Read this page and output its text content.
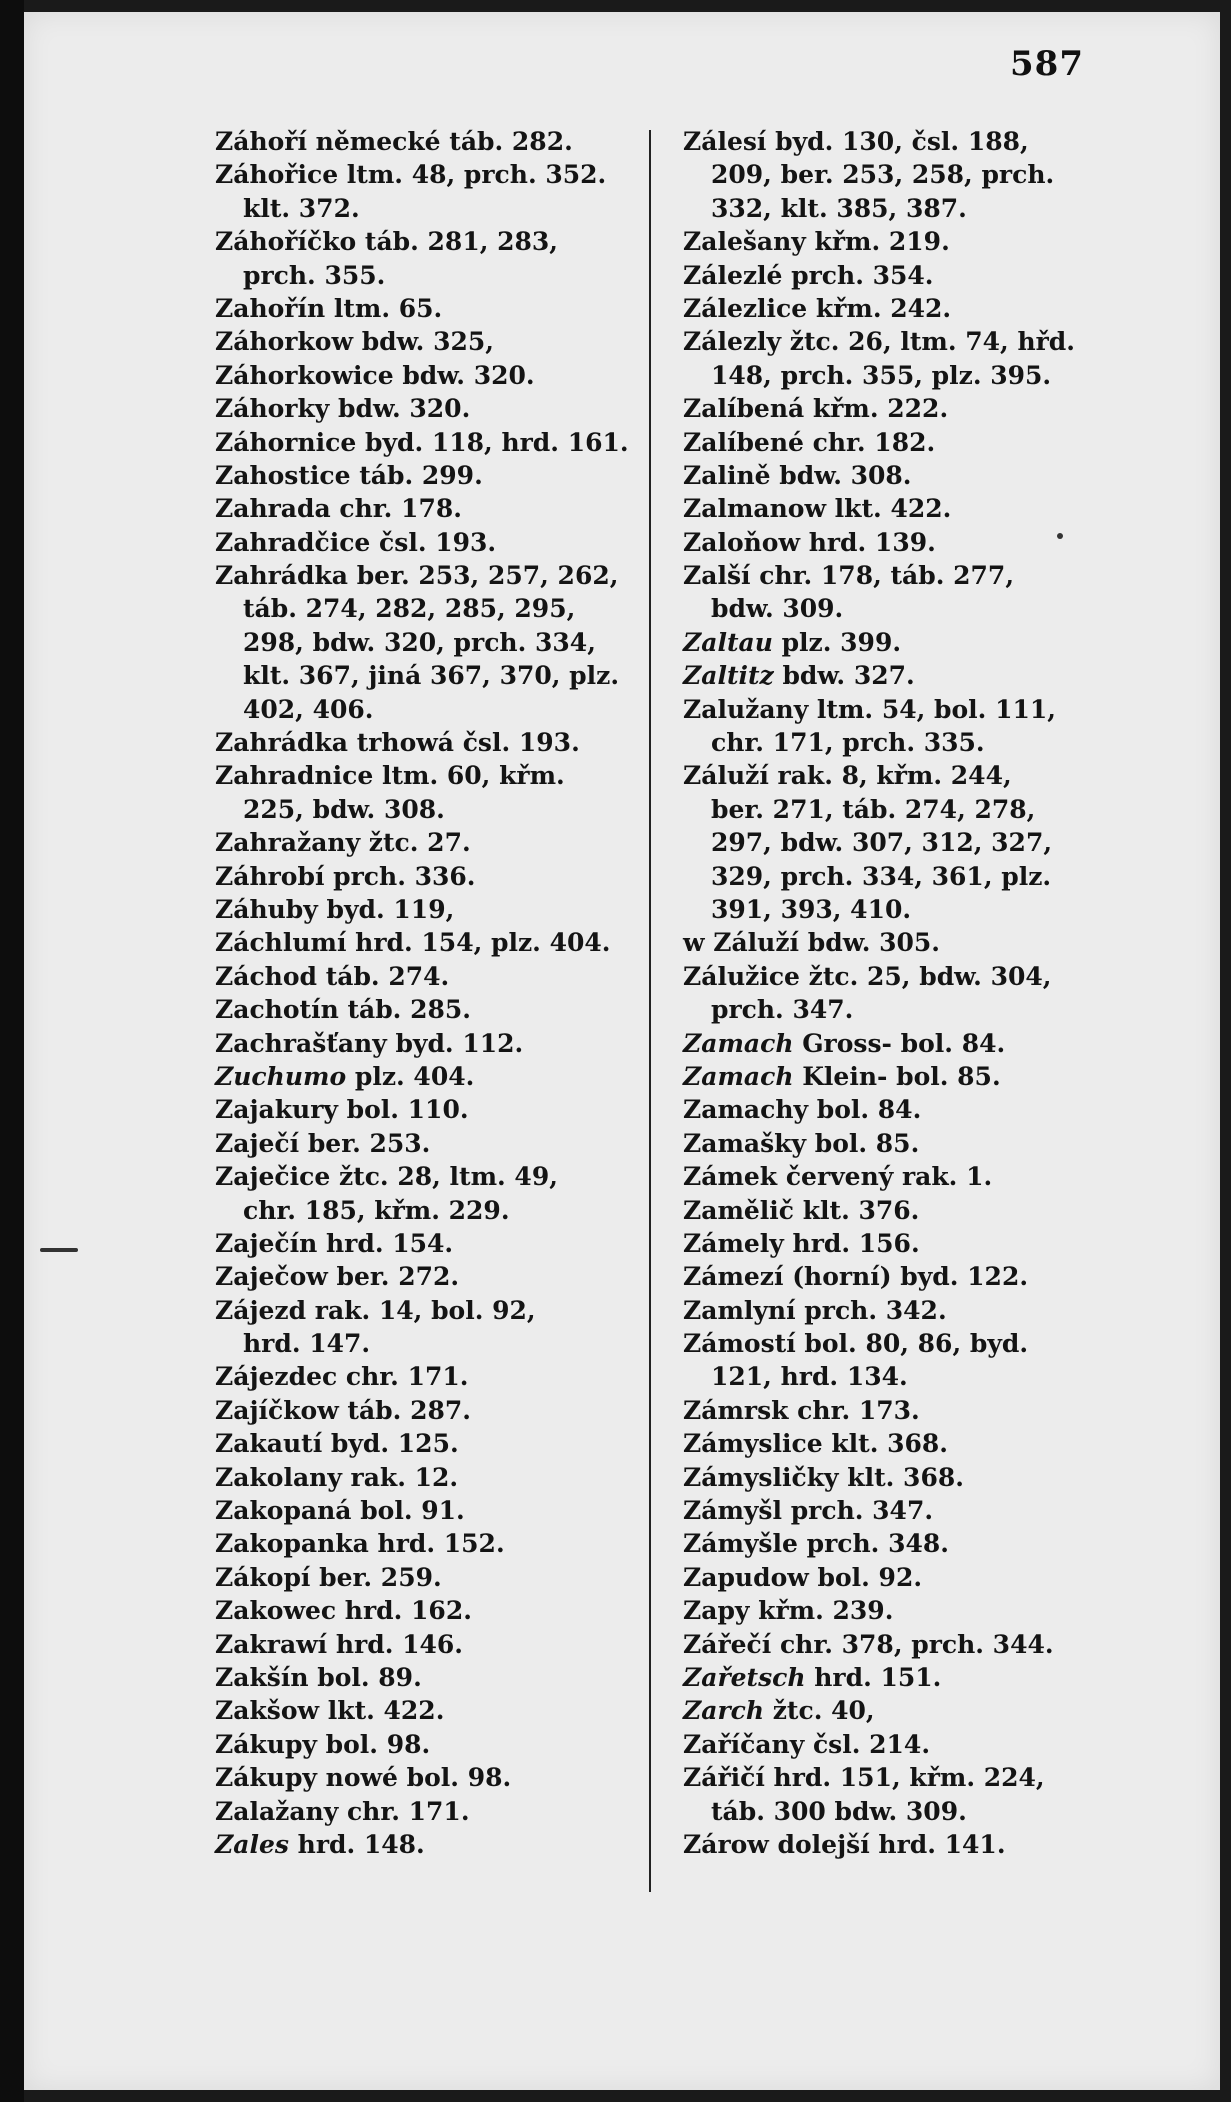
587
Záhoří německé táb. 282.
Záhořice ltm. 48, prch. 352.
klt. 372.
Záhoříčko táb. 281, 283,
prch. 355.
Zahořín ltm. 65.
Záhorkow bdw. 325,
Záhorkowice bdw. 320.
Záhorky bdw. 320.
Záhornice byd. 118, hrd. 161.
Zahostice táb. 299.
Zahrada chr. 178.
Zahradčice čsl. 193.
Zahrádka ber. 253, 257, 262,
táb. 274, 282, 285, 295,
298, bdw. 320, prch. 334,
klt. 367, jiná 367, 370, plz.
402, 406.
Zahrádka trhowá čsl. 193.
Zahradnice ltm. 60, křm.
225, bdw. 308.
Zahražany žtc. 27.
Záhrobí prch. 336.
Záhuby byd. 119,
Záchlumí hrd. 154, plz. 404.
Záchod táb. 274.
Zachotín táb. 285.
Zachrašťany byd. 112.
Zuchumo plz. 404.
Zajakury bol. 110.
Zaječí ber. 253.
Zaječice žtc. 28, ltm. 49,
chr. 185, křm. 229.
Zaječín hrd. 154.
Zaječow ber. 272.
Zájezd rak. 14, bol. 92,
hrd. 147.
Zájezdec chr. 171.
Zajíčkow táb. 287.
Zakautí byd. 125.
Zakolany rak. 12.
Zakopaná bol. 91.
Zakopanka hrd. 152.
Zákopí ber. 259.
Zakowec hrd. 162.
Zakrawí hrd. 146.
Zakšín bol. 89.
Zakšow lkt. 422.
Zákupy bol. 98.
Zákupy nowé bol. 98.
Zalažany chr. 171.
Zales hrd. 148.
Zálesí byd. 130, čsl. 188,
209, ber. 253, 258, prch.
332, klt. 385, 387.
Zalešany křm. 219.
Zálezlé prch. 354.
Zálezlice křm. 242.
Zálezly žtc. 26, ltm. 74, hřd.
148, prch. 355, plz. 395.
Zalíbená křm. 222.
Zalíbené chr. 182.
Zalině bdw. 308.
Zalmanow lkt. 422.
Zaloňow hrd. 139.
Zalší chr. 178, táb. 277,
bdw. 309.
Zaltau plz. 399.
Zaltitz bdw. 327.
Zalužany ltm. 54, bol. 111,
chr. 171, prch. 335.
Záluží rak. 8, křm. 244,
ber. 271, táb. 274, 278,
297, bdw. 307, 312, 327,
329, prch. 334, 361, plz.
391, 393, 410.
w Záluží bdw. 305.
Zálužice žtc. 25, bdw. 304,
prch. 347.
Zamach Gross- bol. 84.
Zamach Klein- bol. 85.
Zamachy bol. 84.
Zamašky bol. 85.
Zámek červený rak. 1.
Zamělič klt. 376.
Zámely hrd. 156.
Zámezí (horní) byd. 122.
Zamlyní prch. 342.
Zámostí bol. 80, 86, byd.
121, hrd. 134.
Zámrsk chr. 173.
Zámyslice klt. 368.
Zámysličky klt. 368.
Zámyšl prch. 347.
Zámyšle prch. 348.
Zapudow bol. 92.
Zapy křm. 239.
Zářečí chr. 378, prch. 344.
Zařetsch hrd. 151.
Zarch žtc. 40,
Zaříčany čsl. 214.
Zářičí hrd. 151, křm. 224,
táb. 300 bdw. 309.
Zárow dolejší hrd. 141.
